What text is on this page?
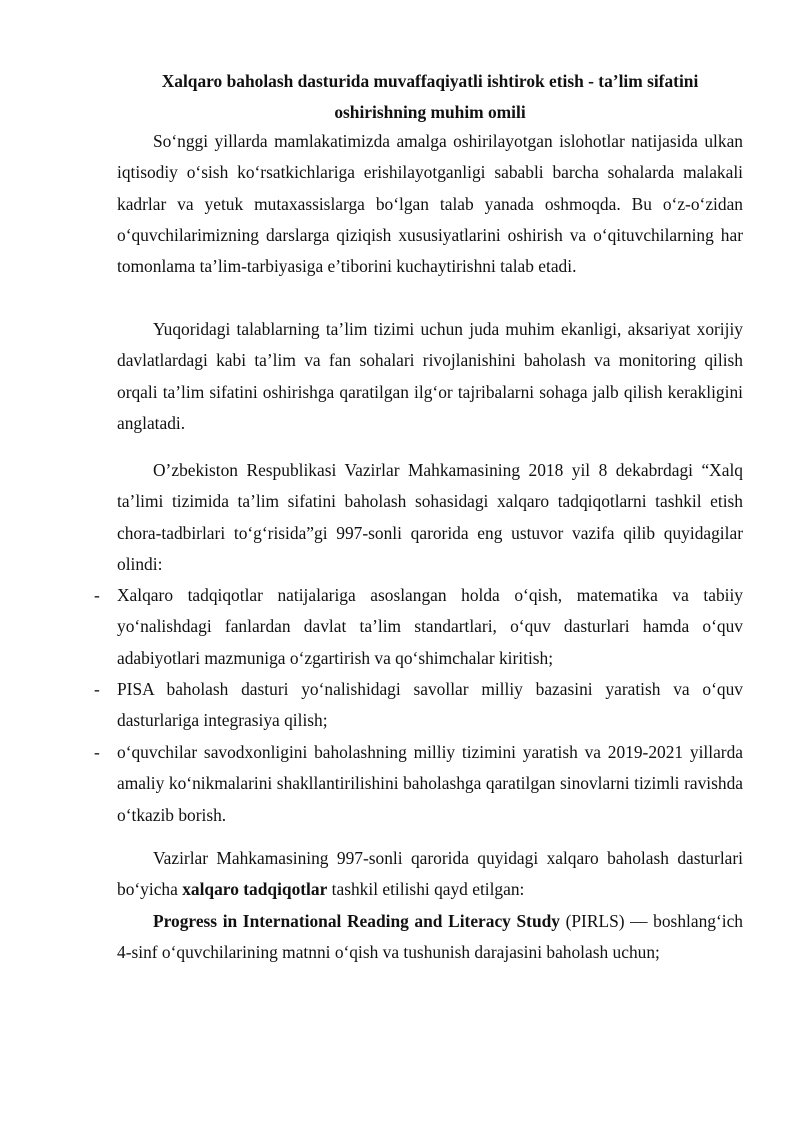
Xalqaro baholash dasturida muvaffaqiyatli ishtirok etish - ta’lim sifatini oshirishning muhim omili

So‘nggi yillarda mamlakatimizda amalga oshirilayotgan islohotlar natijasida ulkan iqtisodiy o‘sish ko‘rsatkichlariga erishilayotganligi sababli barcha sohalarda malakali kadrlar va yetuk mutaxassislarga bo‘lgan talab yanada oshmoqda. Bu o‘z-o‘zidan o‘quvchilarimizning darslarga qiziqish xususiyatlarini oshirish va o‘qituvchilarning har tomonlama ta’lim-tarbiyasiga e’tiborini kuchaytirishni talab etadi.

Yuqoridagi talablarning ta’lim tizimi uchun juda muhim ekanligi, aksariyat xorijiy davlatlardagi kabi ta’lim va fan sohalari rivojlanishini baholash va monitoring qilish orqali ta’lim sifatini oshirishga qaratilgan ilg‘or tajribalarni sohaga jalb qilish kerakligini anglatadi.

O’zbekiston Respublikasi Vazirlar Mahkamasining 2018 yil 8 dekabrdagi “Xalq ta’limi tizimida ta’lim sifatini baholash sohasidagi xalqaro tadqiqotlarni tashkil etish chora-tadbirlari to‘g‘risida”gi 997-sonli qarorida eng ustuvor vazifa qilib quyidagilar olindi:

- Xalqaro tadqiqotlar natijalariga asoslangan holda o‘qish, matematika va tabiiy yo‘nalishdagi fanlardan davlat ta’lim standartlari, o‘quv dasturlari hamda o‘quv adabiyotlari mazmuniga o‘zgartirish va qo‘shimchalar kiritish;

- PISA baholash dasturi yo‘nalishidagi savollar milliy bazasini yaratish va o‘quv dasturlariga integrasiya qilish;

- o‘quvchilar savodxonligini baholashning milliy tizimini yaratish va 2019-2021 yillarda amaliy ko‘nikmalarini shakllantirilishini baholashga qaratilgan sinovlarni tizimli ravishda o‘tkazib borish.

Vazirlar Mahkamasining 997-sonli qarorida quyidagi xalqaro baholash dasturlari bo‘yicha xalqaro tadqiqotlar tashkil etilishi qayd etilgan:

Progress in International Reading and Literacy Study (PIRLS) — boshlang‘ich 4-sinf o‘quvchilarining matnni o‘qish va tushunish darajasini baholash uchun;
